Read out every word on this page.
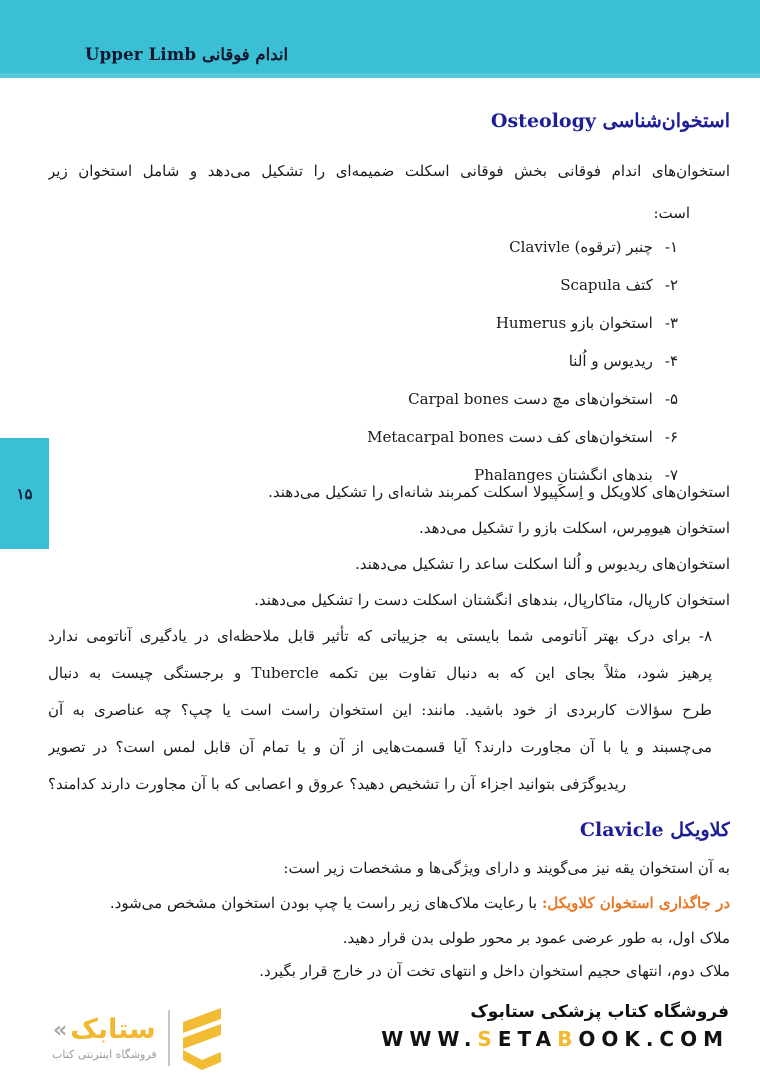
اندام فوقانی Upper Limb
۱۵
استخوان‌شناسی Osteology
استخوان‌های اندام فوقانی بخش فوقانی اسکلت ضمیمه‌ای را تشکیل می‌دهد و شامل استخوان زیر
است:
۱-چنبر (ترقوه) Clavivle
۲-کتف Scapula
۳-استخوان بازو Humerus
۴-ریدیوس و اُلنا
۵-استخوان‌های مچ دست Carpal bones
۶-استخوان‌های کف دست Metacarpal bones
۷-بندهای انگشتان Phalanges
استخوان‌های کلاویکل و اِسکَپیولا اسکلت کمربند شانه‌ای را تشکیل می‌دهند.
استخوان هیومِرس، اسکلت بازو را تشکیل می‌دهد.
استخوان‌های ریدیوس و اُلنا اسکلت ساعد را تشکیل می‌دهند.
استخوان کارپال، متاکارپال، بندهای انگشتان اسکلت دست را تشکیل می‌دهند.
۸- برای درک بهتر آناتومی شما بایستی به جزییاتی که تأثیر قابل ملاحظه‌ای در یادگیری آناتومی ندارد
پرهیز شود، مثلاً بجای این که به دنبال تفاوت بین تکمه Tubercle و برجستگی چیست به دنبال
طرح سؤالات کاربردی از خود باشید. مانند: این استخوان راست است یا چپ؟ چه عناصری به آن
می‌چسبند و یا با آن مجاورت دارند؟ آیا قسمت‌هایی از آن و یا تمام آن قابل لمس است؟ در تصویر
ریدیوگرَفی بتوانید اجزاء آن را تشخیص دهید؟ عروق و اعصابی که با آن مجاورت دارند کدامند؟
کلاویکل Clavicle
به آن استخوان یقه نیز می‌گویند و دارای ویژگی‌ها و مشخصات زیر است:
در جاگذاری استخوان کلاویکل: با رعایت ملاک‌های زیر راست یا چپ بودن استخوان مشخص می‌شود.
ملاک اول، به طور عرضی عمود بر محور طولی بدن قرار دهید.
ملاک دوم، انتهای حجیم استخوان داخل و انتهای تخت آن در خارج قرار بگیرد.
فروشگاه کتاب پزشکی ستابوک
WWW.SETABOOK.COM
« ستابک
فروشگاه اینترنتی کتاب
